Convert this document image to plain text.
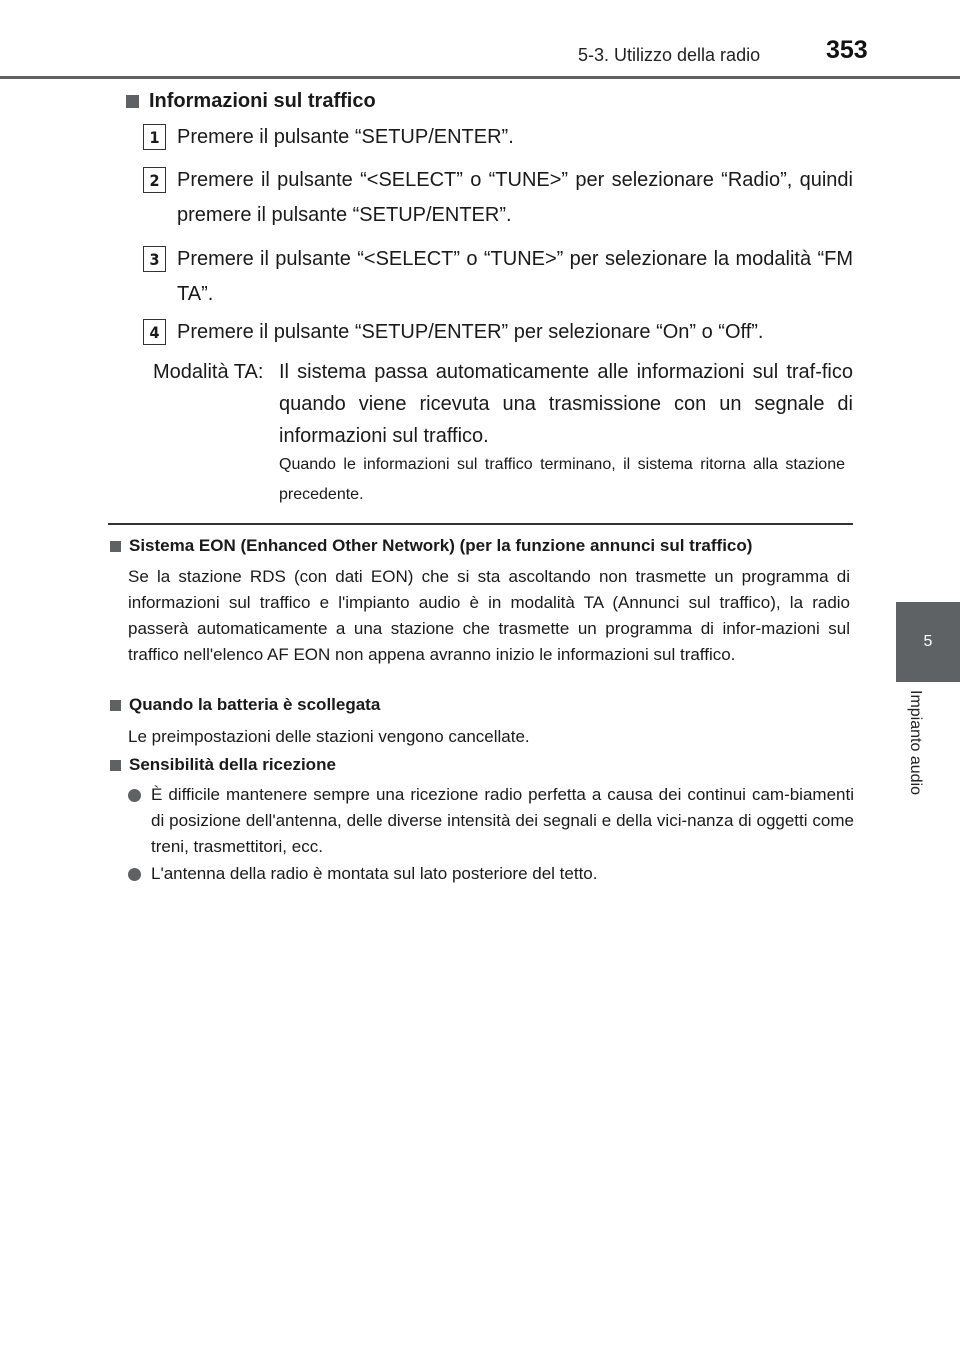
5-3. Utilizzo della radio	353
5
Impianto audio
Informazioni sul traffico
1 Premere il pulsante “SETUP/ENTER”.
2 Premere il pulsante “<SELECT” o “TUNE>” per selezionare “Radio”, quindi premere il pulsante “SETUP/ENTER”.
3 Premere il pulsante “<SELECT” o “TUNE>” per selezionare la modalità “FM TA”.
4 Premere il pulsante “SETUP/ENTER” per selezionare “On” o “Off”.
Modalità TA: Il sistema passa automaticamente alle informazioni sul traf-fico quando viene ricevuta una trasmissione con un segnale di informazioni sul traffico.
Quando le informazioni sul traffico terminano, il sistema ritorna alla stazione precedente.
Sistema EON (Enhanced Other Network) (per la funzione annunci sul traffico)
Se la stazione RDS (con dati EON) che si sta ascoltando non trasmette un programma di informazioni sul traffico e l'impianto audio è in modalità TA (Annunci sul traffico), la radio passerà automaticamente a una stazione che trasmette un programma di infor-mazioni sul traffico nell'elenco AF EON non appena avranno inizio le informazioni sul traffico.
Quando la batteria è scollegata
Le preimpostazioni delle stazioni vengono cancellate.
Sensibilità della ricezione
È difficile mantenere sempre una ricezione radio perfetta a causa dei continui cam-biamenti di posizione dell'antenna, delle diverse intensità dei segnali e della vici-nanza di oggetti come treni, trasmettitori, ecc.
L'antenna della radio è montata sul lato posteriore del tetto.
